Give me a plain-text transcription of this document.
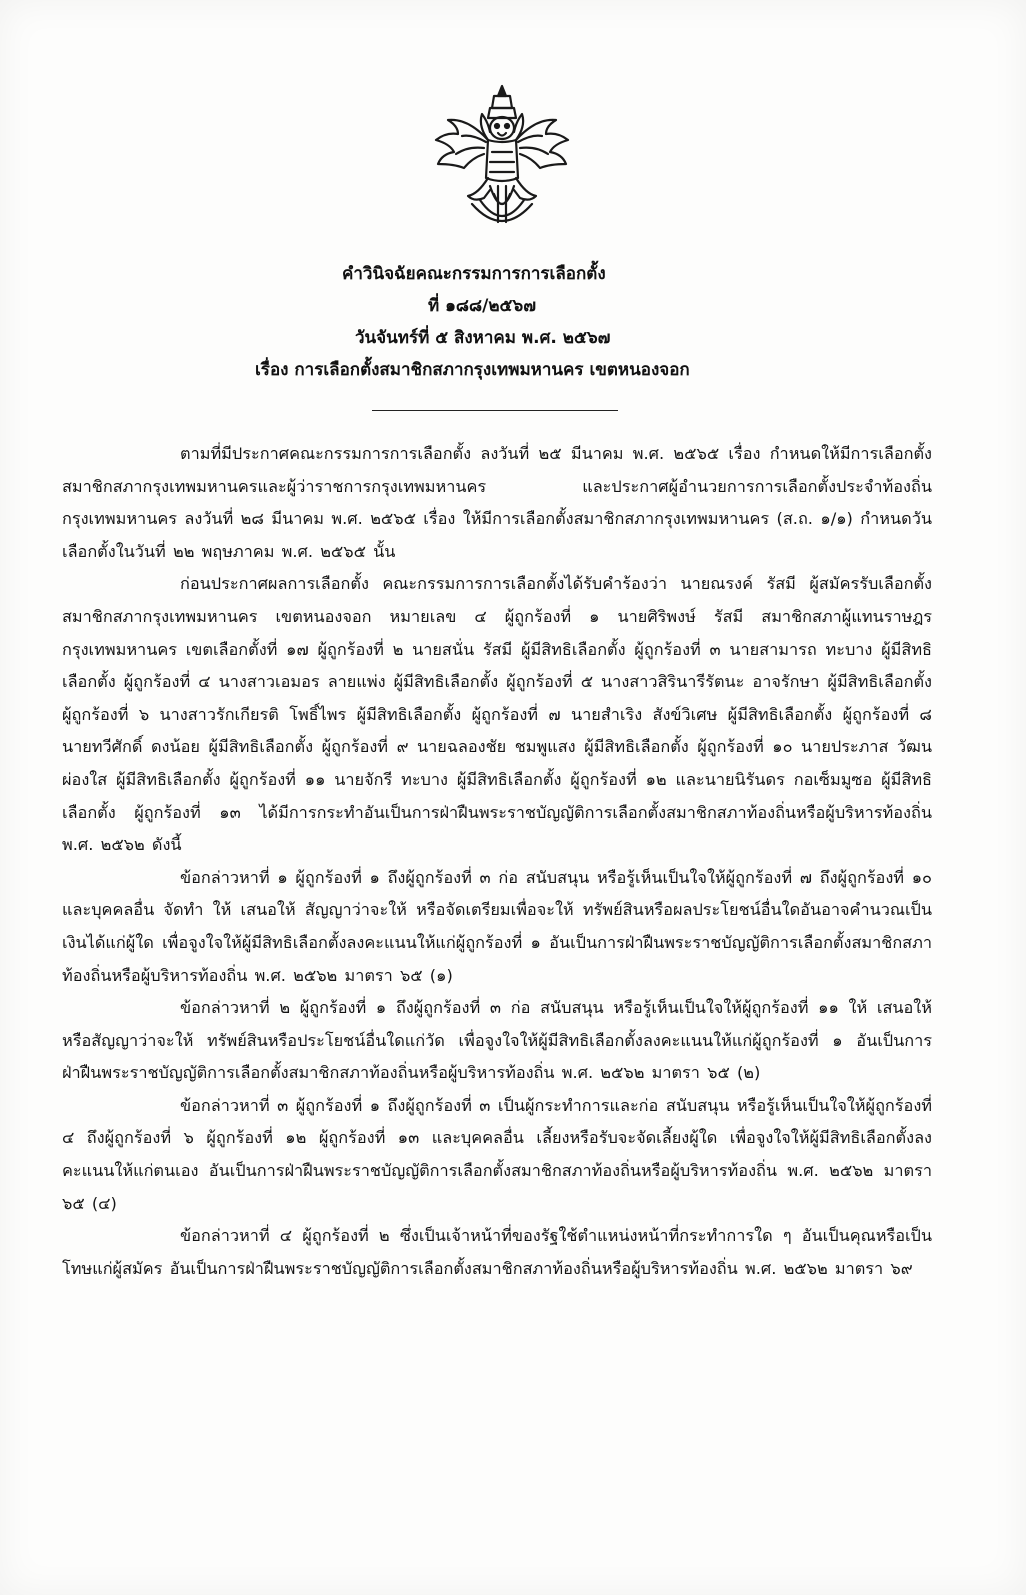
คำวินิจฉัยคณะกรรมการการเลือกตั้ง
ที่ ๑๘๘/๒๕๖๗
วันจันทร์ที่ ๕ สิงหาคม พ.ศ. ๒๕๖๗
เรื่อง การเลือกตั้งสมาชิกสภากรุงเทพมหานคร เขตหนองจอก

ตามที่มีประกาศคณะกรรมการการเลือกตั้ง ลงวันที่ ๒๕ มีนาคม พ.ศ. ๒๕๖๕ เรื่อง กำหนดให้มีการเลือกตั้งสมาชิกสภากรุงเทพมหานครและผู้ว่าราชการกรุงเทพมหานคร และประกาศผู้อำนวยการการเลือกตั้งประจำท้องถิ่นกรุงเทพมหานคร ลงวันที่ ๒๘ มีนาคม พ.ศ. ๒๕๖๕ เรื่อง ให้มีการเลือกตั้งสมาชิกสภากรุงเทพมหานคร (ส.ถ. ๑/๑) กำหนดวันเลือกตั้งในวันที่ ๒๒ พฤษภาคม พ.ศ. ๒๕๖๕ นั้น

ก่อนประกาศผลการเลือกตั้ง คณะกรรมการการเลือกตั้งได้รับคำร้องว่า นายณรงค์ รัสมี ผู้สมัครรับเลือกตั้งสมาชิกสภากรุงเทพมหานคร เขตหนองจอก หมายเลข ๔ ผู้ถูกร้องที่ ๑ นายศิริพงษ์ รัสมี สมาชิกสภาผู้แทนราษฎรกรุงเทพมหานคร เขตเลือกตั้งที่ ๑๗ ผู้ถูกร้องที่ ๒ นายสนั่น รัสมี ผู้มีสิทธิเลือกตั้ง ผู้ถูกร้องที่ ๓ นายสามารถ ทะบาง ผู้มีสิทธิเลือกตั้ง ผู้ถูกร้องที่ ๔ นางสาวเอมอร ลายแพ่ง ผู้มีสิทธิเลือกตั้ง ผู้ถูกร้องที่ ๕ นางสาวสิรินารีรัตนะ อาจรักษา ผู้มีสิทธิเลือกตั้ง ผู้ถูกร้องที่ ๖ นางสาวรักเกียรติ โพธิ์ไพร ผู้มีสิทธิเลือกตั้ง ผู้ถูกร้องที่ ๗ นายสำเริง สังข์วิเศษ ผู้มีสิทธิเลือกตั้ง ผู้ถูกร้องที่ ๘ นายทวีศักดิ์ ดงน้อย ผู้มีสิทธิเลือกตั้ง ผู้ถูกร้องที่ ๙ นายฉลองชัย ชมพูแสง ผู้มีสิทธิเลือกตั้ง ผู้ถูกร้องที่ ๑๐ นายประภาส วัฒนผ่องใส ผู้มีสิทธิเลือกตั้ง ผู้ถูกร้องที่ ๑๑ นายจักรี ทะบาง ผู้มีสิทธิเลือกตั้ง ผู้ถูกร้องที่ ๑๒ และนายนิรันดร กอเซ็มมูซอ ผู้มีสิทธิเลือกตั้ง ผู้ถูกร้องที่ ๑๓ ได้มีการกระทำอันเป็นการฝ่าฝืนพระราชบัญญัติการเลือกตั้งสมาชิกสภาท้องถิ่นหรือผู้บริหารท้องถิ่น พ.ศ. ๒๕๖๒ ดังนี้

ข้อกล่าวหาที่ ๑ ผู้ถูกร้องที่ ๑ ถึงผู้ถูกร้องที่ ๓ ก่อ สนับสนุน หรือรู้เห็นเป็นใจให้ผู้ถูกร้องที่ ๗ ถึงผู้ถูกร้องที่ ๑๐ และบุคคลอื่น จัดทำ ให้ เสนอให้ สัญญาว่าจะให้ หรือจัดเตรียมเพื่อจะให้ ทรัพย์สินหรือผลประโยชน์อื่นใดอันอาจคำนวณเป็นเงินได้แก่ผู้ใด เพื่อจูงใจให้ผู้มีสิทธิเลือกตั้งลงคะแนนให้แก่ผู้ถูกร้องที่ ๑ อันเป็นการฝ่าฝืนพระราชบัญญัติการเลือกตั้งสมาชิกสภาท้องถิ่นหรือผู้บริหารท้องถิ่น พ.ศ. ๒๕๖๒ มาตรา ๖๕ (๑)

ข้อกล่าวหาที่ ๒ ผู้ถูกร้องที่ ๑ ถึงผู้ถูกร้องที่ ๓ ก่อ สนับสนุน หรือรู้เห็นเป็นใจให้ผู้ถูกร้องที่ ๑๑ ให้ เสนอให้ หรือสัญญาว่าจะให้ ทรัพย์สินหรือประโยชน์อื่นใดแก่วัด เพื่อจูงใจให้ผู้มีสิทธิเลือกตั้งลงคะแนนให้แก่ผู้ถูกร้องที่ ๑ อันเป็นการฝ่าฝืนพระราชบัญญัติการเลือกตั้งสมาชิกสภาท้องถิ่นหรือผู้บริหารท้องถิ่น พ.ศ. ๒๕๖๒ มาตรา ๖๕ (๒)

ข้อกล่าวหาที่ ๓ ผู้ถูกร้องที่ ๑ ถึงผู้ถูกร้องที่ ๓ เป็นผู้กระทำการและก่อ สนับสนุน หรือรู้เห็นเป็นใจให้ผู้ถูกร้องที่ ๔ ถึงผู้ถูกร้องที่ ๖ ผู้ถูกร้องที่ ๑๒ ผู้ถูกร้องที่ ๑๓ และบุคคลอื่น เลี้ยงหรือรับจะจัดเลี้ยงผู้ใด เพื่อจูงใจให้ผู้มีสิทธิเลือกตั้งลงคะแนนให้แก่ตนเอง อันเป็นการฝ่าฝืนพระราชบัญญัติการเลือกตั้งสมาชิกสภาท้องถิ่นหรือผู้บริหารท้องถิ่น พ.ศ. ๒๕๖๒ มาตรา ๖๕ (๔)

ข้อกล่าวหาที่ ๔ ผู้ถูกร้องที่ ๒ ซึ่งเป็นเจ้าหน้าที่ของรัฐใช้ตำแหน่งหน้าที่กระทำการใด ๆ อันเป็นคุณหรือเป็นโทษแก่ผู้สมัคร อันเป็นการฝ่าฝืนพระราชบัญญัติการเลือกตั้งสมาชิกสภาท้องถิ่นหรือผู้บริหารท้องถิ่น พ.ศ. ๒๕๖๒ มาตรา ๖๙
